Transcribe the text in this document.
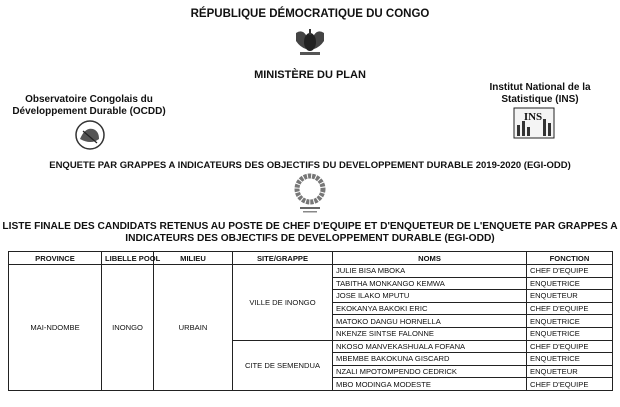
RÉPUBLIQUE DÉMOCRATIQUE DU CONGO
MINISTÈRE DU PLAN
Observatoire Congolais du Développement Durable (OCDD)
Institut National de la Statistique (INS)
INS
ENQUETE PAR GRAPPES A INDICATEURS DES OBJECTIFS DU DEVELOPPEMENT DURABLE 2019-2020 (EGI-ODD)
LISTE FINALE DES CANDIDATS RETENUS AU POSTE DE CHEF D'EQUIPE ET D'ENQUETEUR DE L'ENQUETE PAR GRAPPES A
INDICATEURS DES OBJECTIFS DE DEVELOPPEMENT DURABLE (EGI-ODD)
PROVINCE	LIBELLE POOL	MILIEU	SITE/GRAPPE	NOMS	FONCTION
MAI-NDOMBE	INONGO	URBAIN	VILLE DE INONGO	JULIE BISA MBOKA	CHEF D'EQUIPE
				TABITHA MONKANGO KEMWA	ENQUETRICE
				JOSE ILAKO MPUTU	ENQUETEUR
				EKOKANYA BAKOKI ERIC	CHEF D'EQUIPE
				MATOKO DANGU HORNELLA	ENQUETRICE
				NKENZE SINTSE FALONNE	ENQUETRICE
			CITE DE SEMENDUA	NKOSO MANVEKASHUALA FOFANA	CHEF D'EQUIPE
				MBEMBE BAKOKUNA GISCARD	ENQUETRICE
				NZALI MPOTOMPENDO CEDRICK	ENQUETEUR
				MBO MODINGA MODESTE	CHEF D'EQUIPE
